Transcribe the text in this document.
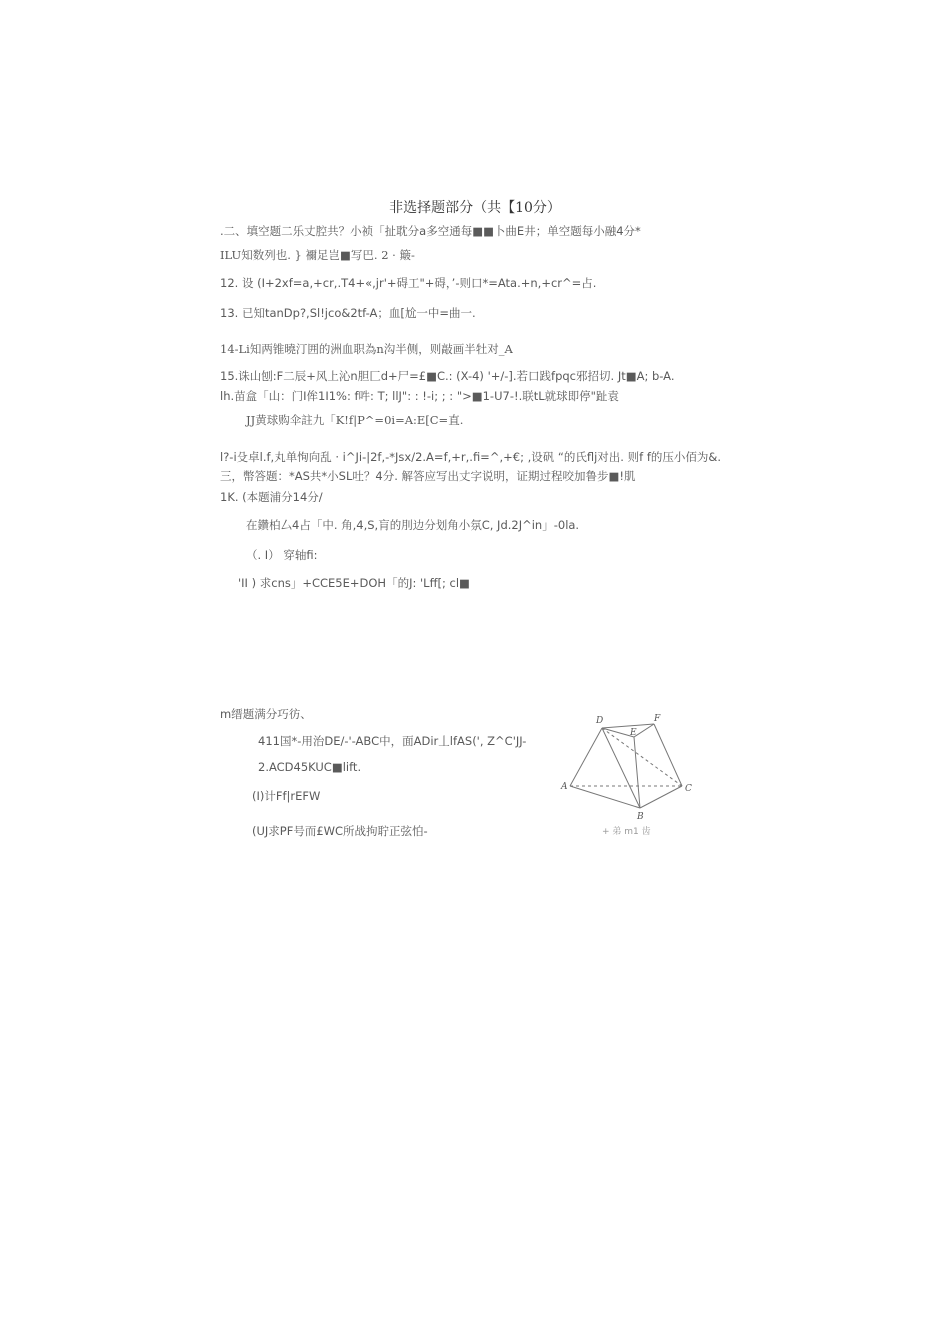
非选择题部分（共【10分）
.二、填空题二乐丈腔共？小祯「扯耽分a多空通每■■卜曲E井；单空题每小融4分*
ILU知数列也. } 禰足岂■写巴. 2 · 簸-
12. 设 (I+2xf=a,+cr,.T4+«,jr'+碍工"+碍，’-则口*=Ata.+n,+cr^=占.
13. 已知tanDp?,Sl!jco&2tf-A；血[尬一中=曲一.
14-Li知两锥曉汀囲的洲血职為n沟半侧，则敲画半牡对_A
15.诛山刨:F二辰+风上沁n胆匚d+尸=£■C.: (X-4) '+/-].若口践fpqc邪招切. Jt■A; b-A.
lh.苗盒「山：门I侔1I1%: f吽: T; llJ": : !-i; ; : ">■1-U7-!.联tL就球即停"趾袁
JJ黄球购伞註九「K!f|P^=0i=A:E[C=直.
l?-i殳卓l.f,丸单恂向乱 · i^Ji-|2f,-*Jsx/2.A=f,+r,.fi=^,+€; ,设矾 “的氏flj对出. 则f f的压小佰为&.
三，幣答题：*AS共*小SL吐？4分. 解答应写出丈字说明，证期过程咬加鲁步■!肌
1K. (本题浦分14分/
在鑽柏厶4占「中. 角,4,S,肓的刖边分划角小氛C, Jd.2J^in」-0la.
（. I） 穿轴fi:
'II ) 求cns」+CCE5E+DOH「的J: 'Lff[; cl■
m缙题满分巧彷、
411国*-用治DE/-'-ABC中，面ADir丄lfAS(', Z^C'JJ-
2.ACD45KUC■lift.
(I)计Ff|rEFW
(UJ求PF号而£WC所战拘聍正弦怕-
D	F
E
A	C
B
+ 弟 m1 齿
